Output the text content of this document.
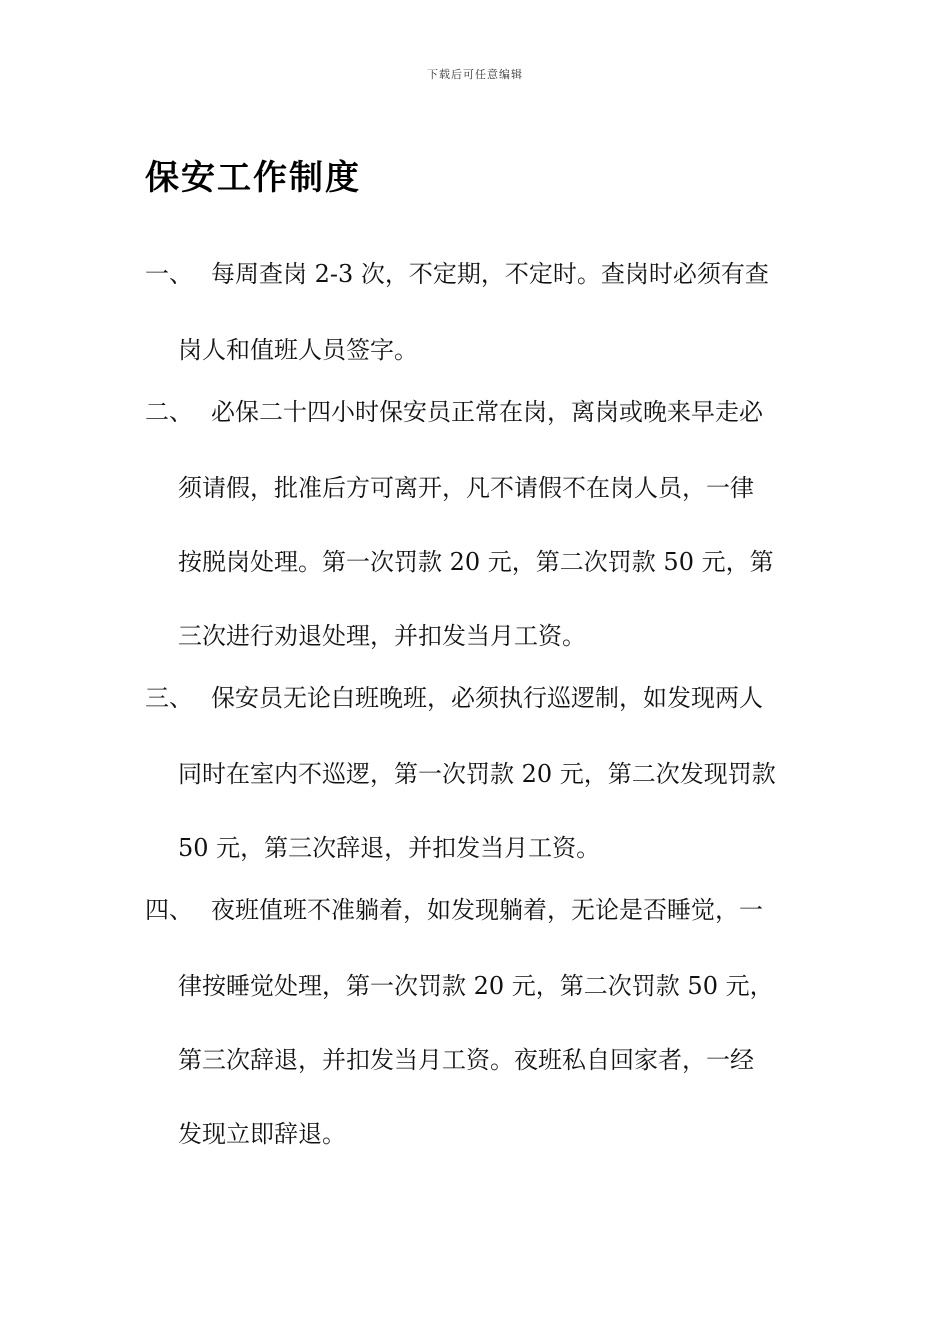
下载后可任意编辑
保安工作制度
一、 每周查岗 2-3 次，不定期，不定时。查岗时必须有查
岗人和值班人员签字。
二、 必保二十四小时保安员正常在岗，离岗或晚来早走必
须请假，批准后方可离开，凡不请假不在岗人员，一律
按脱岗处理。第一次罚款 20 元，第二次罚款 50 元，第
三次进行劝退处理，并扣发当月工资。
三、 保安员无论白班晚班，必须执行巡逻制，如发现两人
同时在室内不巡逻，第一次罚款 20 元，第二次发现罚款
50 元，第三次辞退，并扣发当月工资。
四、 夜班值班不准躺着，如发现躺着，无论是否睡觉，一
律按睡觉处理，第一次罚款 20 元，第二次罚款 50 元，
第三次辞退，并扣发当月工资。夜班私自回家者，一经
发现立即辞退。
